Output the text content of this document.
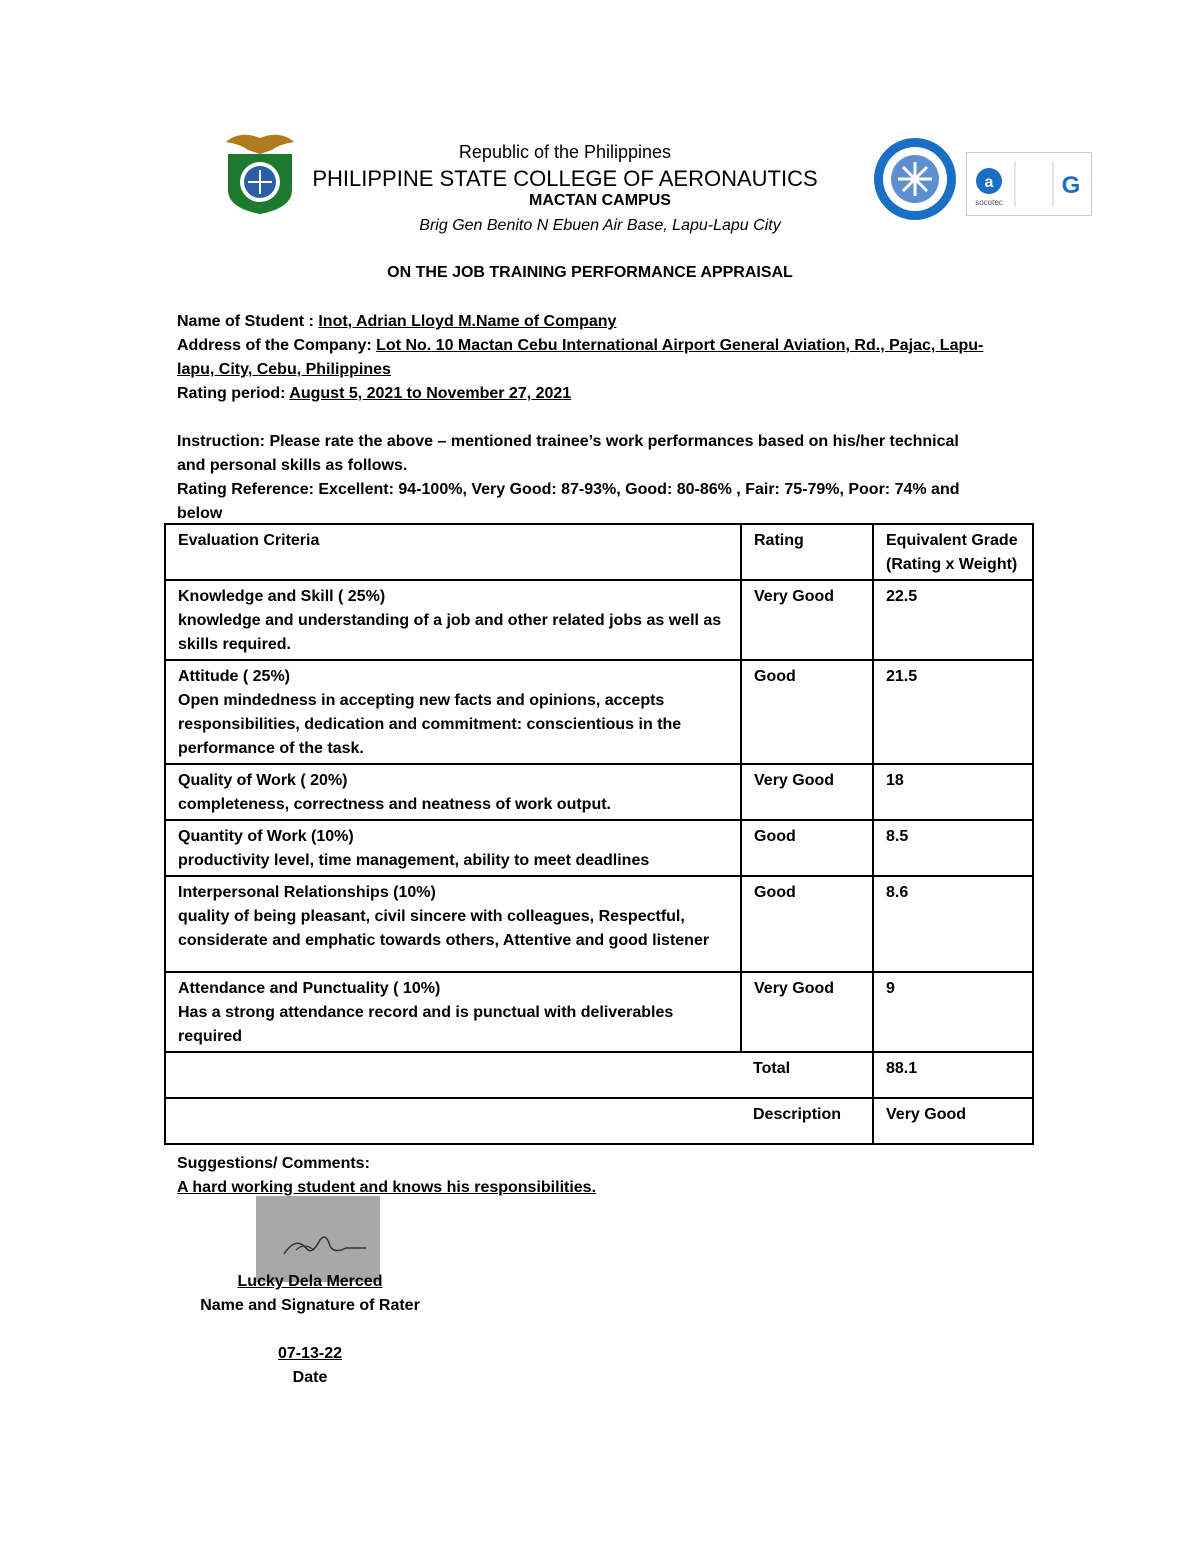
a
socotec
G
Republic of the Philippines
PHILIPPINE STATE COLLEGE OF AERONAUTICS
MACTAN CAMPUS
Brig Gen Benito N Ebuen Air Base, Lapu-Lapu City
ON THE JOB TRAINING PERFORMANCE APPRAISAL
Name of Student : Inot, Adrian Lloyd M.Name of Company
Address of the Company: Lot No. 10 Mactan Cebu International Airport General Aviation, Rd., Pajac, Lapu-
lapu, City, Cebu, Philippines
Rating period: August 5, 2021 to November 27, 2021
Instruction: Please rate the above – mentioned trainee’s work performances based on his/her technical
and personal skills as follows.
Rating Reference: Excellent: 94-100%, Very Good: 87-93%, Good: 80-86% , Fair: 75-79%, Poor: 74% and
below
Evaluation Criteria	Rating	Equivalent Grade
(Rating x Weight)

Knowledge and Skill ( 25%)
knowledge and understanding of a job and other related jobs as well as skills required.	Very Good	22.5

Attitude ( 25%)
Open mindedness in accepting new facts and opinions, accepts responsibilities, dedication and commitment: conscientious in the performance of the task.	Good	21.5

Quality of Work ( 20%)
completeness, correctness and neatness of work output.	Very Good	18

Quantity of Work (10%)
productivity level, time management, ability to meet deadlines	Good	8.5

Interpersonal Relationships (10%)
quality of being pleasant, civil sincere with colleagues, Respectful, considerate and emphatic towards others, Attentive and good listener	Good	8.6

Attendance and Punctuality ( 10%)
Has a strong attendance record and is punctual with deliverables required	Very Good	9
	Total	88.1
	Description	Very Good
Suggestions/ Comments:
A hard working student and knows his responsibilities.
Lucky Dela Merced
Name and Signature of Rater
07-13-22
Date
